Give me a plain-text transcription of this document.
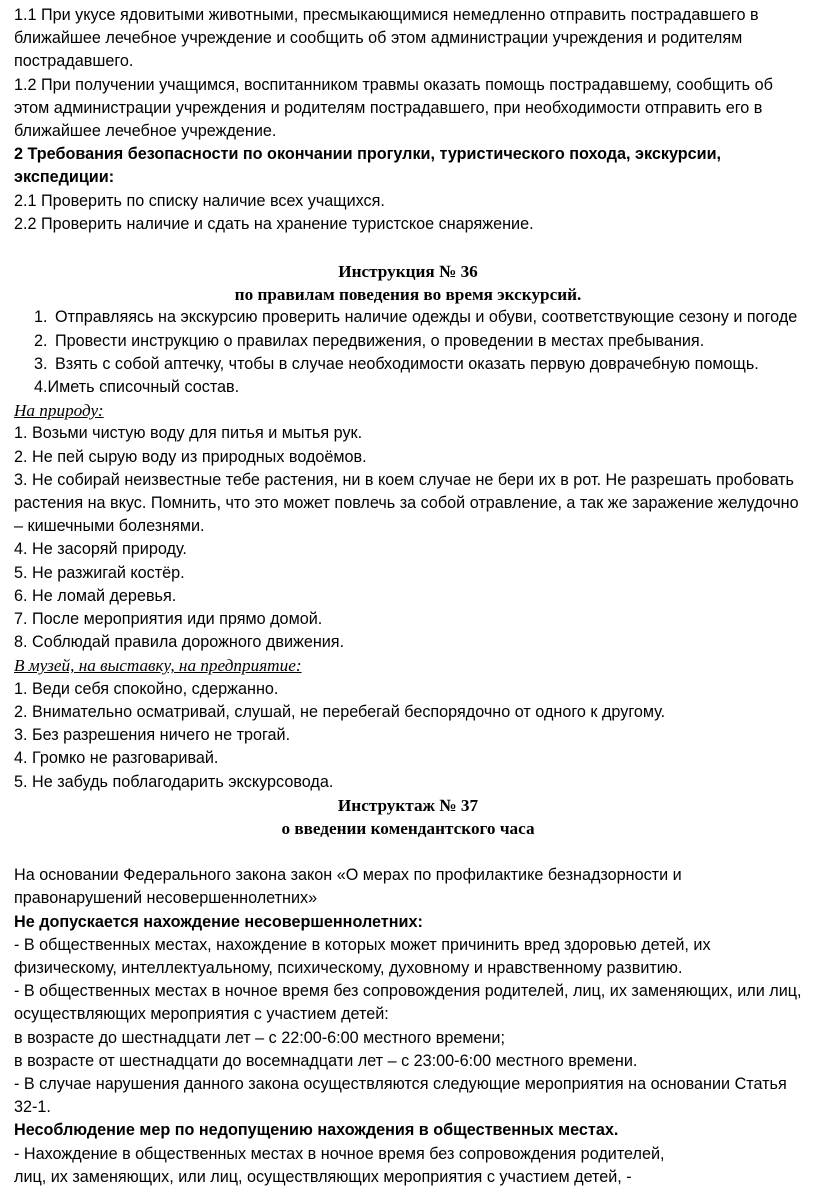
1.1 При укусе ядовитыми животными, пресмыкающимися немедленно отправить пострадавшего в ближайшее лечебное учреждение и сообщить об этом администрации учреждения и родителям пострадавшего.

1.2 При получении учащимся, воспитанником травмы оказать помощь пострадавшему, сообщить об этом администрации учреждения и родителям пострадавшего, при необходимости отправить его в ближайшее лечебное учреждение.

2 Требования безопасности по окончании прогулки, туристического похода, экскурсии, экспедиции:

2.1 Проверить по списку наличие всех учащихся.

2.2 Проверить наличие и сдать на хранение туристское снаряжение.

Инструкция № 36

по правилам поведения во время экскурсий.

1. Отправляясь на экскурсию проверить наличие одежды и обуви, соответствующие сезону и погоде
2. Провести инструкцию о правилах передвижения, о проведении в местах пребывания.
3. Взять с собой аптечку, чтобы в случае необходимости оказать первую доврачебную помощь.

4.Иметь списочный состав.

На природу:

1. Возьми чистую воду для питья и мытья рук.

2. Не пей сырую воду из природных водоёмов.

3. Не собирай неизвестные тебе растения, ни в коем случае не бери их в рот. Не разрешать пробовать растения на вкус. Помнить, что это может повлечь за собой отравление, а так же заражение желудочно – кишечными болезнями.

4. Не засоряй природу.

5. Не разжигай костёр.

6. Не ломай деревья.

7. После мероприятия иди прямо домой.

8. Соблюдай правила дорожного движения.

В музей, на выставку, на предприятие:

1. Веди себя спокойно, сдержанно.

2. Внимательно осматривай, слушай, не перебегай беспорядочно от одного к другому.

3. Без разрешения ничего не трогай.

4. Громко не разговаривай.

5. Не забудь поблагодарить экскурсовода.

Инструктаж № 37

о введении комендантского часа

На основании Федерального закона закон «О мерах по профилактике безнадзорности и правонарушений несовершеннолетних»

Не допускается нахождение несовершеннолетних:

- В общественных местах, нахождение в которых может причинить вред здоровью детей, их физическому, интеллектуальному, психическому, духовному и нравственному развитию.

- В общественных местах в ночное время без сопровождения родителей, лиц, их заменяющих, или лиц, осуществляющих мероприятия с участием детей:

в возрасте до шестнадцати лет – с 22:00-6:00 местного времени;

в возрасте от шестнадцати до восемнадцати лет – с 23:00-6:00 местного времени.

- В случае нарушения данного закона осуществляются следующие мероприятия на основании Статья 32-1.

Несоблюдение мер по недопущению нахождения в общественных местах.

- Нахождение в общественных местах в ночное время без сопровождения родителей,

лиц, их заменяющих, или лиц, осуществляющих мероприятия с участием детей, -
